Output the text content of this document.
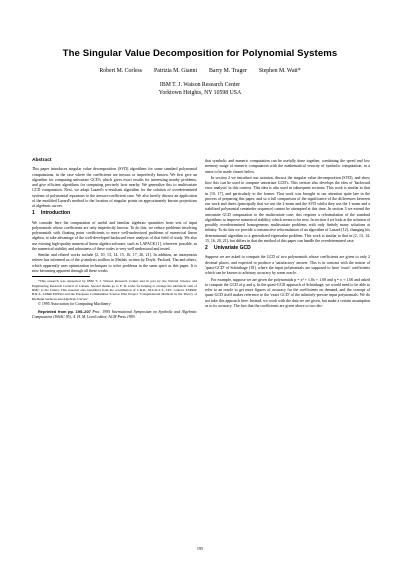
The Singular Value Decomposition for Polynomial Systems
Robert M. Corless Patrizia M. Gianni Barry M. Trager Stephen M. Watt*
IBM T. J. Watson Research Center
Yorktown Heights, NY 10598 USA
Abstract

This paper introduces singular value decomposition (SVD) algorithms for some standard polynomial computations, in the case where the coefficients are inexact or imperfectly known. We first give an algorithm for computing univariate GCD's which gives exact results for interesting nearby problems, and give efficient algorithms for computing precisely how nearby. We generalize this to multivariate GCD computation. Next, we adapt Lazard's u-resultant algorithm for the solution of overdetermined systems of polynomial equations to the inexact-coefficient case. We also briefly discuss an application of the modified Lazard's method to the location of singular points on approximately known projections of algebraic curves.

1 Introduction

We consider here the computation of useful and familiar algebraic quantities from sets of input polynomials whose coefficients are only imperfectly known. To do this, we reduce problems involving polynomials with floating point coefficients to more well-understood problems of numerical linear algebra, to take advantage of the well-developed backward error analysis of that field of study. We also use existing high-quality numerical linear algebra software, such as LAPACK [1], wherever possible, as the numerical stability and robustness of these codes is very well understood and tested.

Similar and related works include [2, 10, 13, 14, 15, 16, 17, 20, 21]. In addition, an anonymous referee has informed us of the μ-analysis toolbox in Matlab, written by Doyle, Packard, Thu and others, which apparently uses optimization techniques to solve problems in the same spirit as this paper. It is now becoming apparent through all these works

*This research was supported by IBM T. J. Watson Research Center and in part by the Natural Science and Engineering Research Council of Canada. Special thanks go to E. D. Jacks for helping to arrange the sabbatical visit of RMC to the Center. This research also benefitted from the contribution of C.R.R., M.U.R.S.T., CEC contract ESPRIT B.R.A. n.6846 POSSO and the European Communities Science Plan Project "Computational Methods in the Theory of Riemann Surfaces and Algebraic Curves"

© 1995 Association for Computing Machinery

Reprinted from pp. 195–207 Proc. 1995 International Symposium on Symbolic and Algebraic Computation (ISSAC 95), A. H. M. Levelt editor, ACM Press 1995.

that symbolic and numeric computation can be usefully done together, combining the speed and low memory usage of numeric computation with the mathematical veracity of symbolic computation, in a sense to be made clearer below.

In section 2 we introduce our notation, discuss the singular value decomposition (SVD), and show how this can be used to compute univariate GCD's. This section also develops the idea of 'backward error analysis' in this context. This idea is also used in subsequent sections. This work is similar to that in [10, 17], and particularly to the former. That work was brought to our attention quite late in the process of preparing this paper, and so a full comparison of the significance of the differences between our work and theirs (principally that we use the 2-norm and the SVD whilst they use the 1-norm and a stabilized polynomial remainder sequence) cannot be attempted at this time. In section 3 we extend the univariate GCD computation to the multivariate case; this requires a reformulation of the standard algorithms to improve numerical stability, which seems to be new. In section 4 we look at the solution of possibly overdetermined homogeneous multivariate problems with only finitely many solutions at infinity. To do this we provide a constructive reformulation of an algorithm of Lazard [12], changing his determinantal algorithm to a generalized eigenvalue problem. This work is similar to that in [2, 13, 14, 15, 16, 20, 21], but differs in that the method of this paper can handle the overdetermined case.

2 Univariate GCD

Suppose we are asked to compute the GCD of two polynomials whose coefficients are given to only 2 decimal places, and expected to produce a 'satisfactory' answer. This is in contrast with the notion of 'quasi-GCD' of Schönhage [18], where the input polynomials are supposed to have 'exact' coefficients which can be known to arbitrary accuracy by some oracle.

For example, suppose we are given the polynomials p = x³ + 1.0x + 1.00 and q = x + 1.00 and asked to compute the GCD of p and q. In the quasi-GCD approach of Schönhage, we would need to be able to refer to an oracle to get more figures of accuracy for the coefficients on demand, and the concept of quasi-GCD itself makes reference to the 'exact GCD' of the infinitely-precise input polynomials. We do not take this approach here. Instead, we work with the data we are given, but make a certain assumption as to its accuracy. The fact that the coefficients are given above to two dec-

195
